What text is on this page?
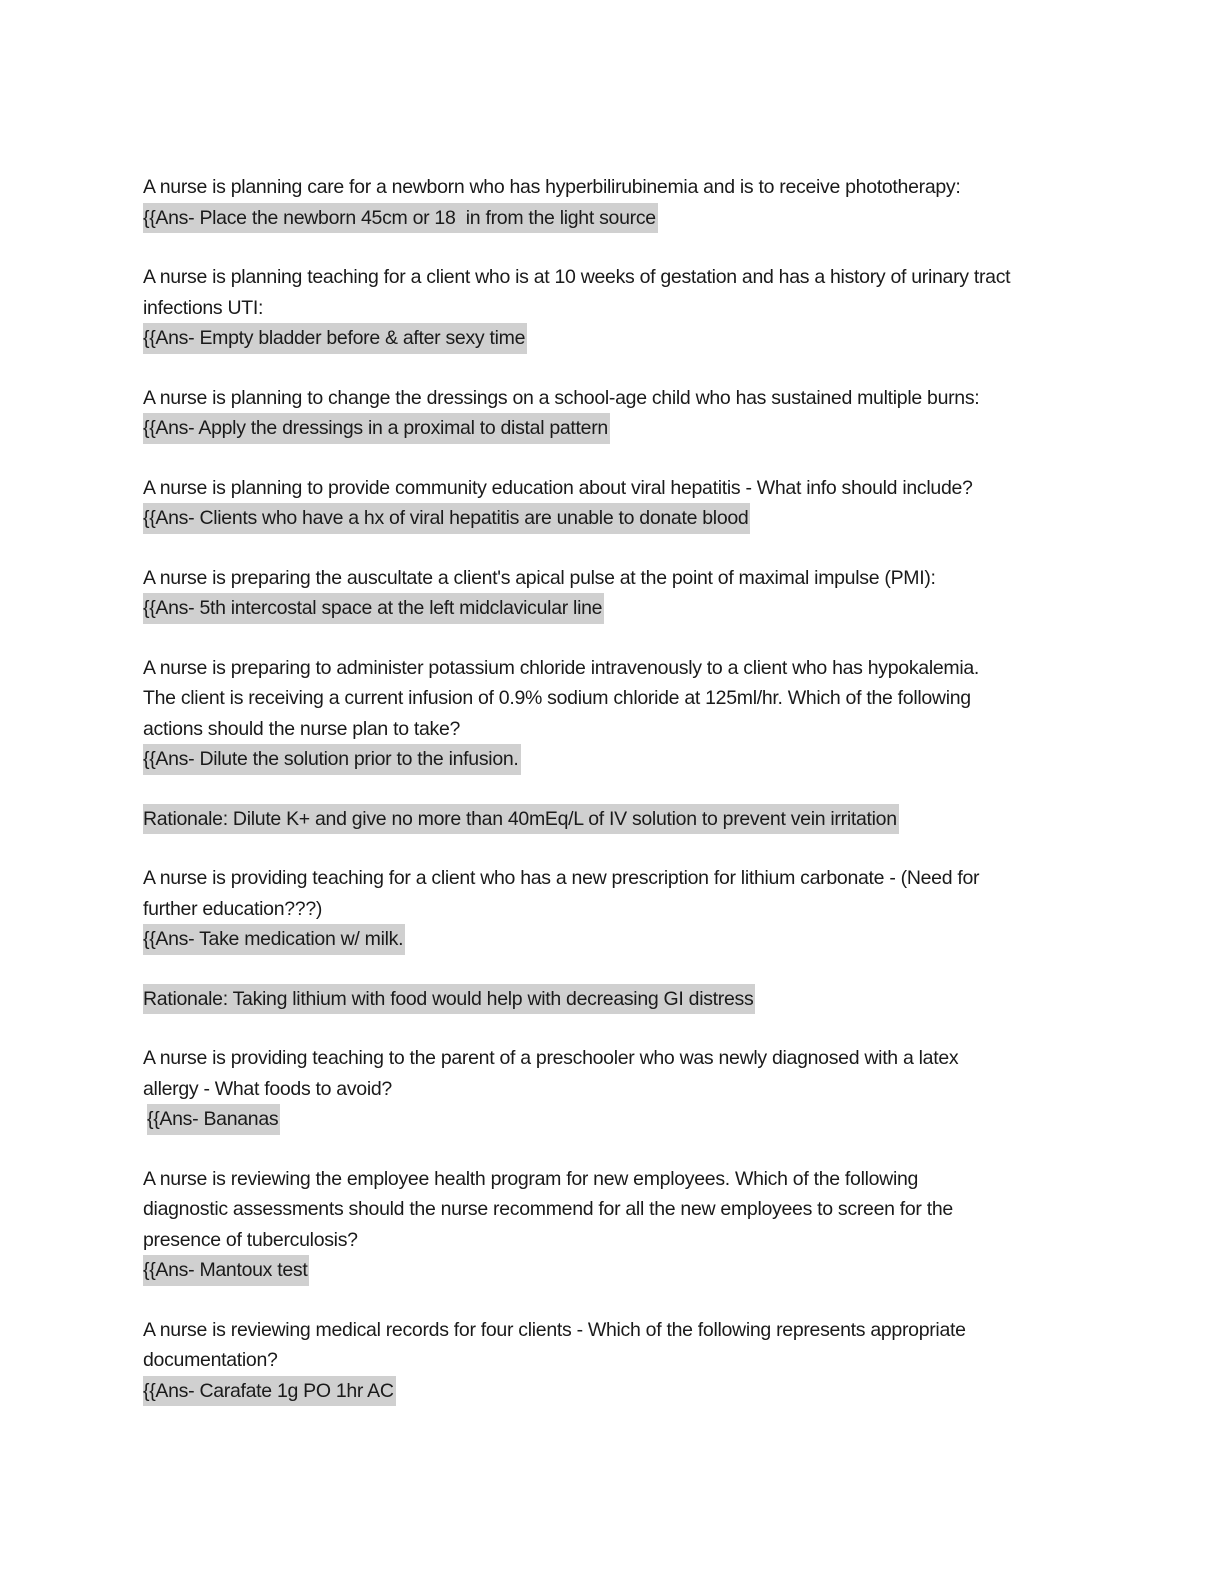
A nurse is planning care for a newborn who has hyperbilirubinemia and is to receive phototherapy:
{{Ans- Place the newborn 45cm or 18  in from the light source
A nurse is planning teaching for a client who is at 10 weeks of gestation and has a history of urinary tract
infections UTI:
{{Ans- Empty bladder before & after sexy time
A nurse is planning to change the dressings on a school-age child who has sustained multiple burns:
{{Ans- Apply the dressings in a proximal to distal pattern
A nurse is planning to provide community education about viral hepatitis - What info should include?
{{Ans- Clients who have a hx of viral hepatitis are unable to donate blood
A nurse is preparing the auscultate a client's apical pulse at the point of maximal impulse (PMI):
{{Ans- 5th intercostal space at the left midclavicular line
A nurse is preparing to administer potassium chloride intravenously to a client who has hypokalemia.
The client is receiving a current infusion of 0.9% sodium chloride at 125ml/hr. Which of the following
actions should the nurse plan to take?
{{Ans- Dilute the solution prior to the infusion.
Rationale: Dilute K+ and give no more than 40mEq/L of IV solution to prevent vein irritation
A nurse is providing teaching for a client who has a new prescription for lithium carbonate - (Need for
further education???)
{{Ans- Take medication w/ milk.
Rationale: Taking lithium with food would help with decreasing GI distress
A nurse is providing teaching to the parent of a preschooler who was newly diagnosed with a latex
allergy - What foods to avoid?
{{Ans- Bananas
A nurse is reviewing the employee health program for new employees. Which of the following
diagnostic assessments should the nurse recommend for all the new employees to screen for the
presence of tuberculosis?
{{Ans- Mantoux test
A nurse is reviewing medical records for four clients - Which of the following represents appropriate
documentation?
{{Ans- Carafate 1g PO 1hr AC
